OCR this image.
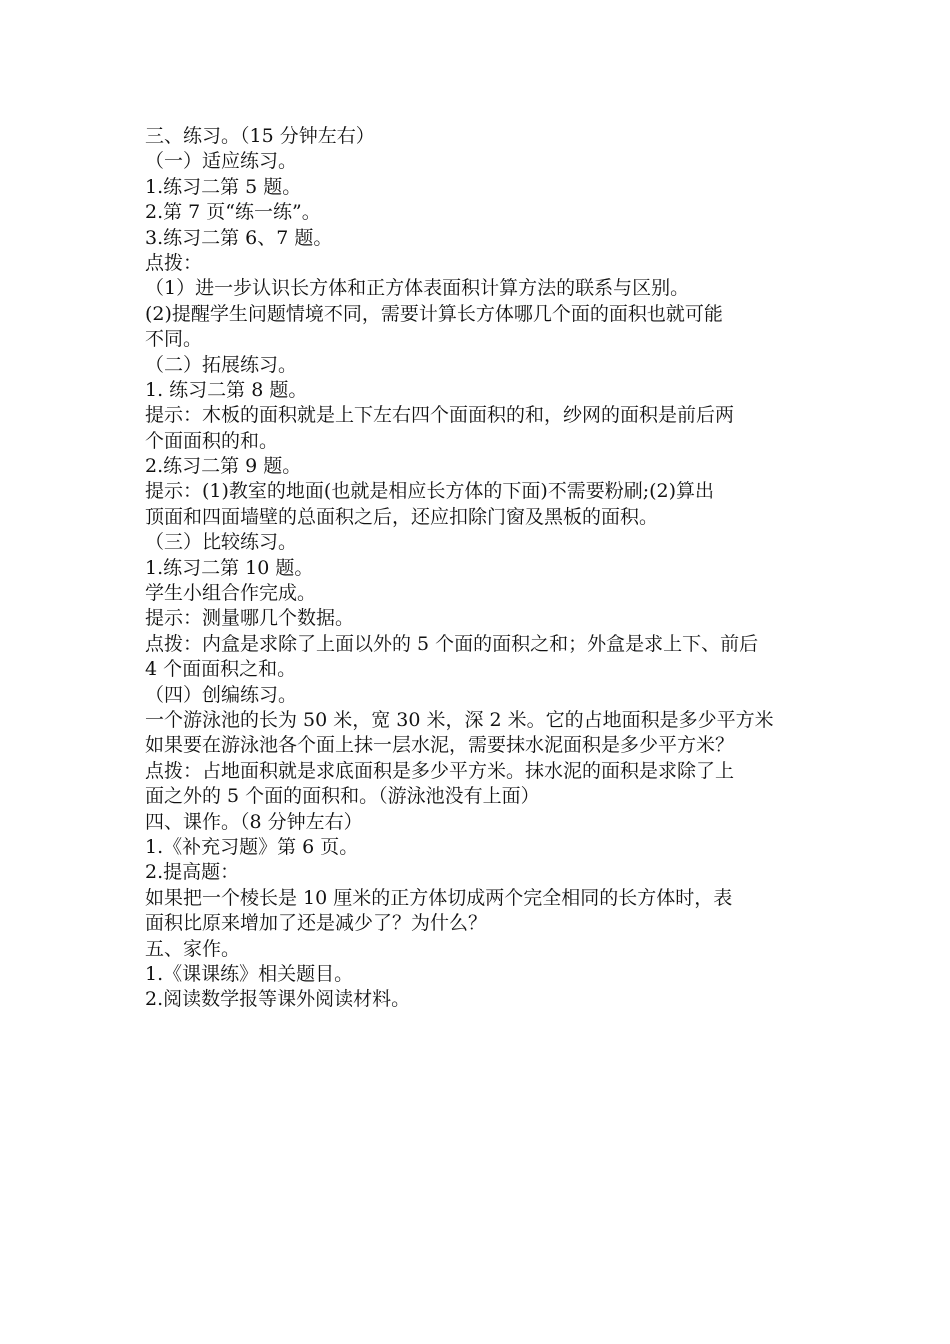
三、练习。（15 分钟左右）
（一）适应练习。
1.练习二第 5 题。
2.第 7 页“练一练”。
3.练习二第 6、7 题。
点拨：
（1）进一步认识长方体和正方体表面积计算方法的联系与区别。
(2)提醒学生问题情境不同，需要计算长方体哪几个面的面积也就可能
不同。
（二）拓展练习。
1. 练习二第 8 题。
提示：木板的面积就是上下左右四个面面积的和，纱网的面积是前后两
个面面积的和。
2.练习二第 9 题。
提示：(1)教室的地面(也就是相应长方体的下面)不需要粉刷;(2)算出
顶面和四面墙壁的总面积之后，还应扣除门窗及黑板的面积。
（三）比较练习。
1.练习二第 10 题。
学生小组合作完成。
提示：测量哪几个数据。
点拨：内盒是求除了上面以外的 5 个面的面积之和；外盒是求上下、前后
4 个面面积之和。
（四）创编练习。
一个游泳池的长为 50 米，宽 30 米，深 2 米。它的占地面积是多少平方米
如果要在游泳池各个面上抹一层水泥，需要抹水泥面积是多少平方米？
点拨：占地面积就是求底面积是多少平方米。抹水泥的面积是求除了上
面之外的 5 个面的面积和。（游泳池没有上面）
四、课作。（8 分钟左右）
1.《补充习题》第 6 页。
2.提高题：
如果把一个棱长是 10 厘米的正方体切成两个完全相同的长方体时，表
面积比原来增加了还是减少了？为什么？
五、家作。
1.《课课练》相关题目。
2.阅读数学报等课外阅读材料。
